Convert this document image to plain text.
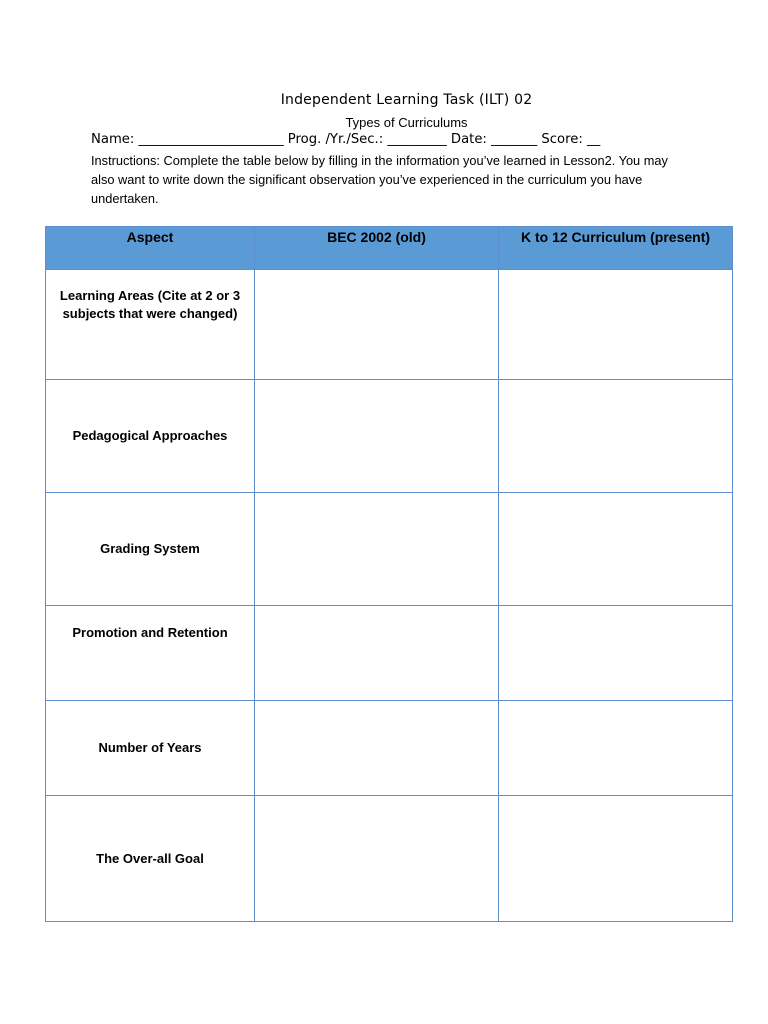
Independent Learning Task (ILT) 02
Types of Curriculums
Name: ______________________ Prog. /Yr./Sec.: _________ Date: _______ Score: __
Instructions: Complete the table below by filling in the information you’ve learned in Lesson2. You may also want to write down the significant observation you’ve experienced in the curriculum you have undertaken.
Aspect	BEC 2002 (old)	K to 12 Curriculum (present)
Learning Areas (Cite at 2 or 3 subjects that were changed)		
Pedagogical Approaches		
Grading System		
Promotion and Retention		
Number of Years		
The Over-all Goal		
